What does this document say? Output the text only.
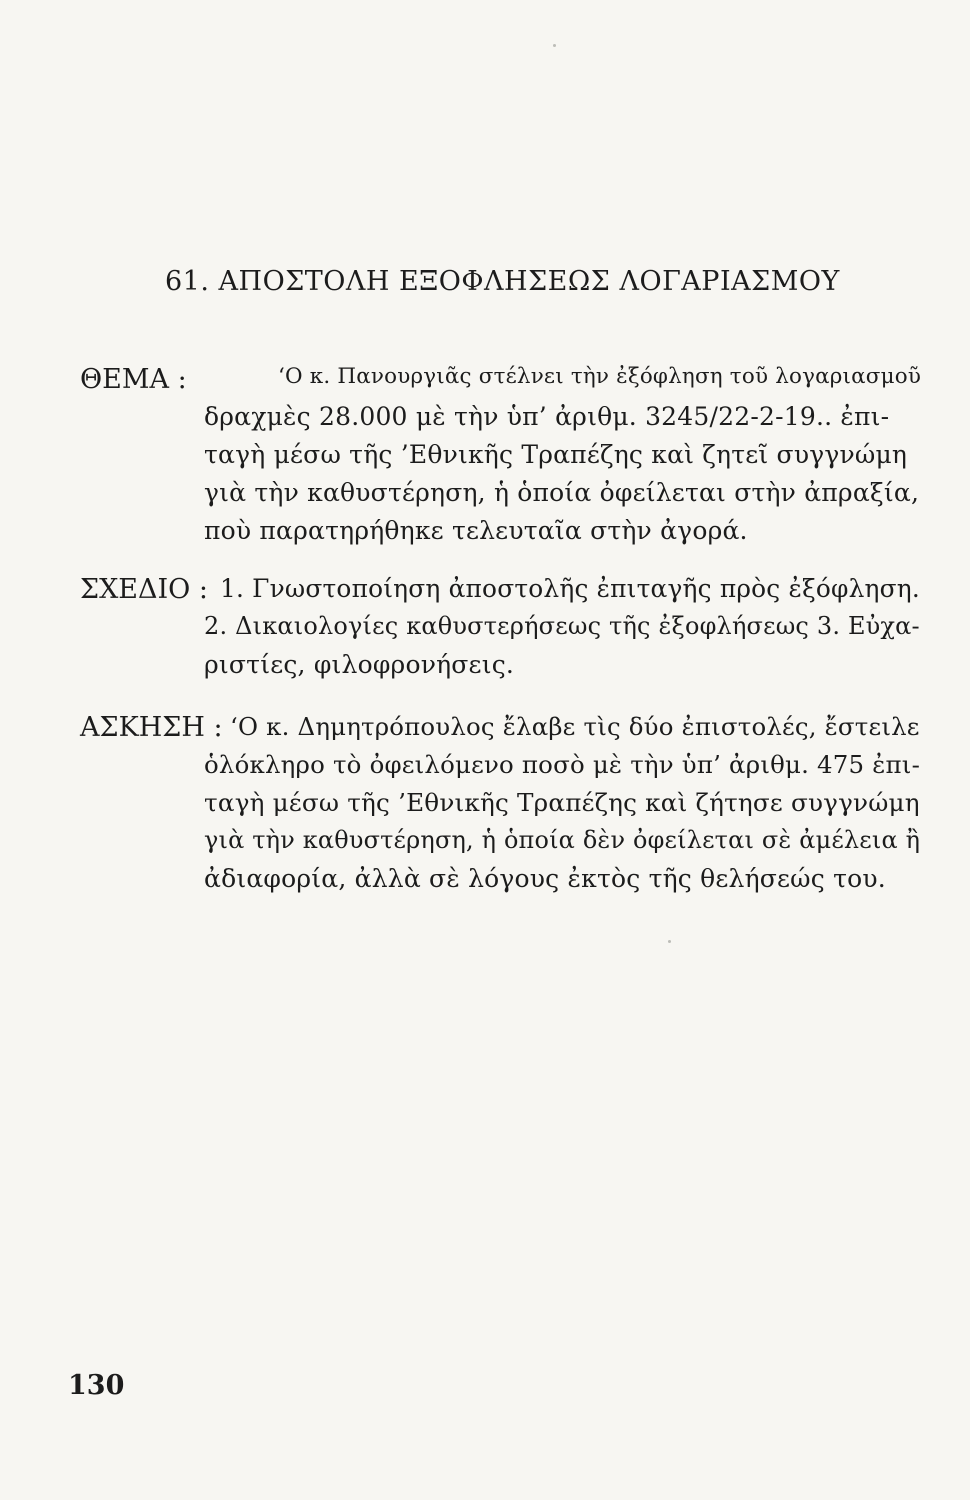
61. ΑΠΟΣΤΟΛΗ ΕΞΟΦΛΗΣΕΩΣ ΛΟΓΑΡΙΑΣΜΟΥ
ΘΕΜΑ :	‘Ο κ. Πανουργιᾶς στέλνει τὴν ἐξόφληση τοῦ λογαριασμοῦ
δραχμὲς 28.000 μὲ τὴν ὑπ’ ἀριθμ. 3245/22-2-19.. ἐπι-
ταγὴ μέσω τῆς ’Εθνικῆς Τραπέζης καὶ ζητεῖ συγγνώμη
γιὰ τὴν καθυστέρηση, ἡ ὁποία ὀφείλεται στὴν ἀπραξία,
ποὺ παρατηρήθηκε τελευταῖα στὴν ἀγορά.
ΣΧΕΔΙΟ : 1. Γνωστοποίηση ἀποστολῆς ἐπιταγῆς πρὸς ἐξόφληση.
2. Δικαιολογίες καθυστερήσεως τῆς ἐξοφλήσεως 3. Εὐχα-
ριστίες, φιλοφρονήσεις.
ΑΣΚΗΣΗ : ‘Ο κ. Δημητρόπουλος ἔλαβε τὶς δύο ἐπιστολές, ἔστειλε
ὁλόκληρο τὸ ὀφειλόμενο ποσὸ μὲ τὴν ὑπ’ ἀριθμ. 475 ἐπι-
ταγὴ μέσω τῆς ’Εθνικῆς Τραπέζης καὶ ζήτησε συγγνώμη
γιὰ τὴν καθυστέρηση, ἡ ὁποία δὲν ὀφείλεται σὲ ἀμέλεια ἢ
ἀδιαφορία, ἀλλὰ σὲ λόγους ἐκτὸς τῆς θελήσεώς του.
130
